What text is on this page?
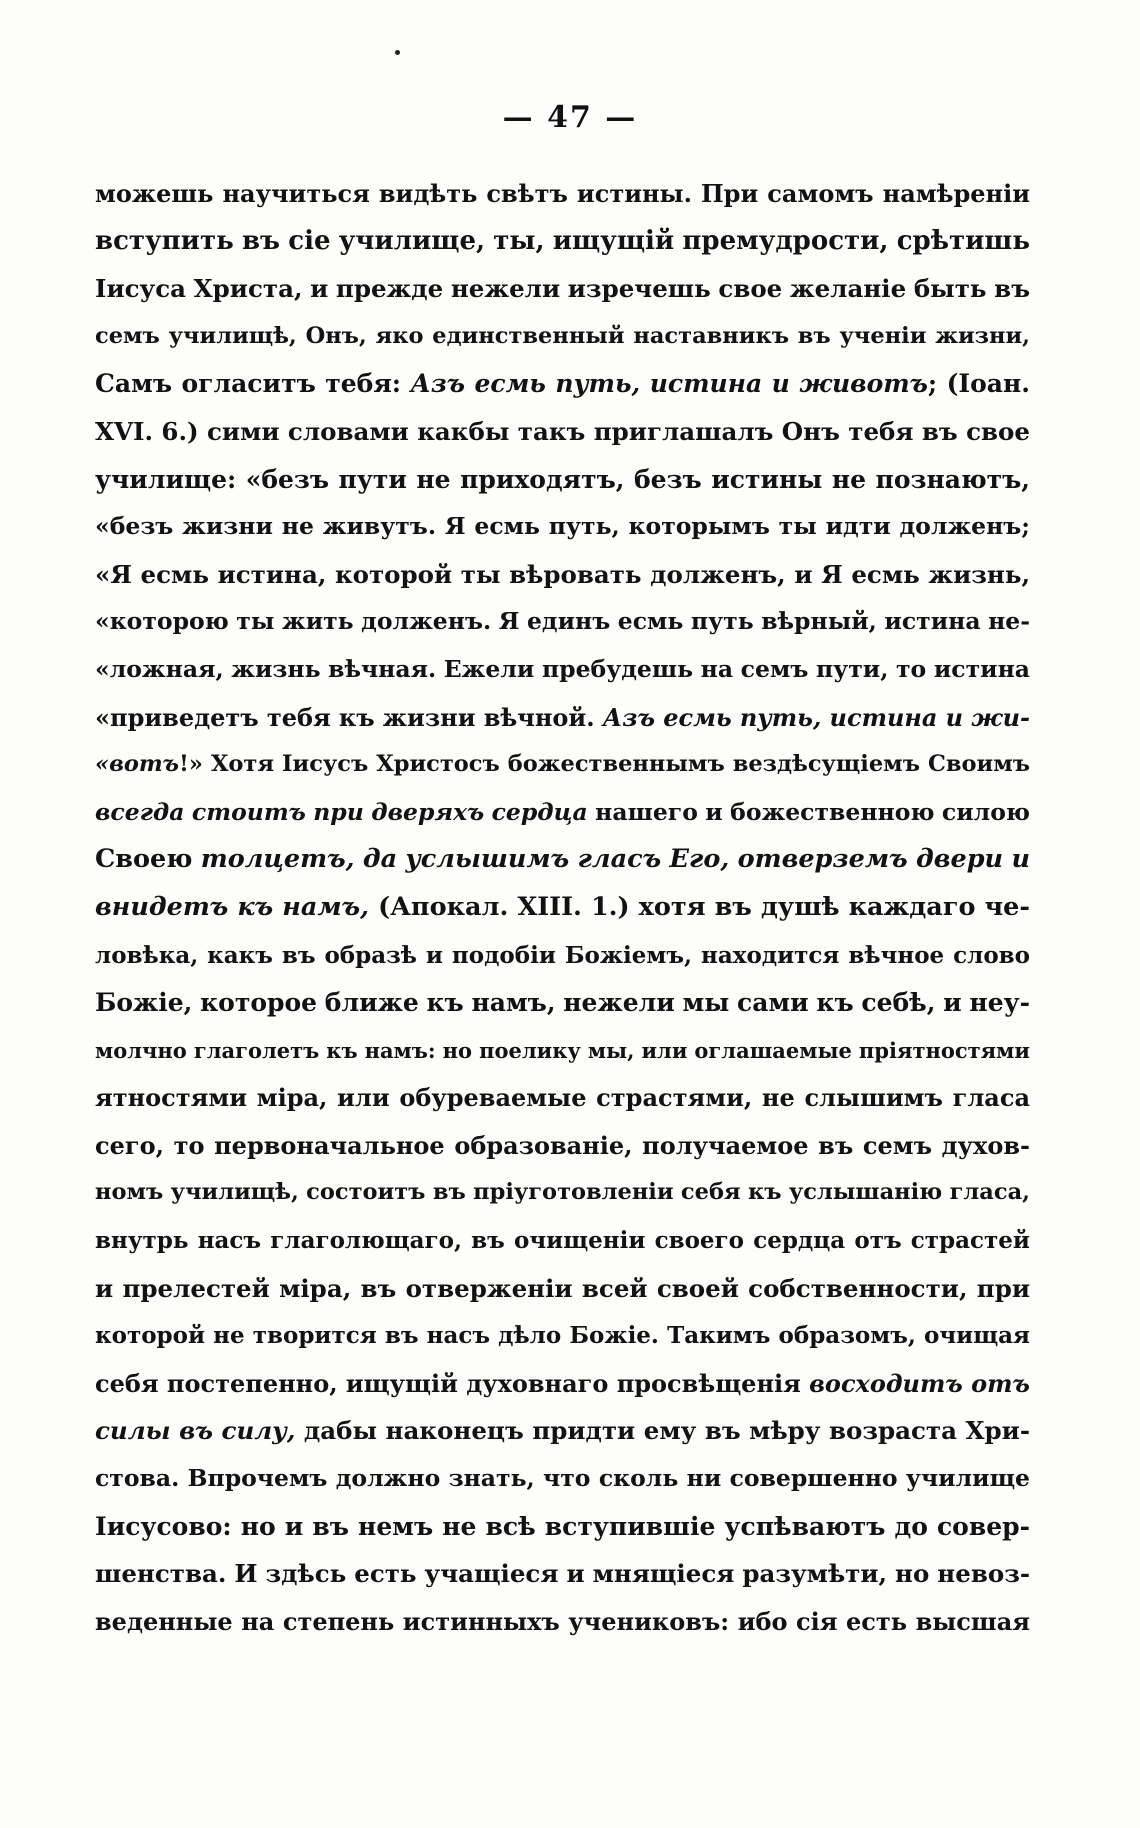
— 47 —
можешь научиться видѣть свѣтъ истины. При самомъ намѣреніи
вступить въ сіе училище, ты, ищущій премудрости, срѣтишь
Іисуса Христа, и прежде нежели изречешь свое желаніе быть въ
семъ училищѣ, Онъ, яко единственный наставникъ въ ученіи жизни,
Самъ огласитъ тебя: Азъ есмь путь, истина и животъ; (Іоан.
XVI. 6.) сими словами какбы такъ приглашалъ Онъ тебя въ свое
училище: «безъ пути не приходятъ, безъ истины не познаютъ,
«безъ жизни не живутъ. Я есмь путь, которымъ ты идти долженъ;
«Я есмь истина, которой ты вѣровать долженъ, и Я есмь жизнь,
«которою ты жить долженъ. Я единъ есмь путь вѣрный, истина не-
«ложная, жизнь вѣчная. Ежели пребудешь на семъ пути, то истина
«приведетъ тебя къ жизни вѣчной. Азъ есмь путь, истина и жи-
«вотъ!» Хотя Іисусъ Христосъ божественнымъ вездѣсущіемъ Своимъ
всегда стоитъ при дверяхъ сердца нашего и божественною силою
Своею толцетъ, да услышимъ гласъ Его, отверземъ двери и
внидетъ къ намъ, (Апокал. XIII. 1.) хотя въ душѣ каждаго че-
ловѣка, какъ въ образѣ и подобіи Божіемъ, находится вѣчное слово
Божіе, которое ближе къ намъ, нежели мы сами къ себѣ, и неу-
молчно глаголетъ къ намъ: но поелику мы, или оглашаемые пріятностями
ятностями міра, или обуреваемые страстями, не слышимъ гласа
сего, то первоначальное образованіе, получаемое въ семъ духов-
номъ училищѣ, состоитъ въ пріуготовленіи себя къ услышанію гласа,
внутрь насъ глаголющаго, въ очищеніи своего сердца отъ страстей
и прелестей міра, въ отверженіи всей своей собственности, при
которой не творится въ насъ дѣло Божіе. Такимъ образомъ, очищая
себя постепенно, ищущій духовнаго просвѣщенія восходитъ отъ
силы въ силу, дабы наконецъ придти ему въ мѣру возраста Хри-
стова. Впрочемъ должно знать, что сколь ни совершенно училище
Іисусово: но и въ немъ не всѣ вступившіе успѣваютъ до совер-
шенства. И здѣсь есть учащіеся и мнящіеся разумѣти, но невоз-
веденные на степень истинныхъ учениковъ: ибо сія есть высшая
